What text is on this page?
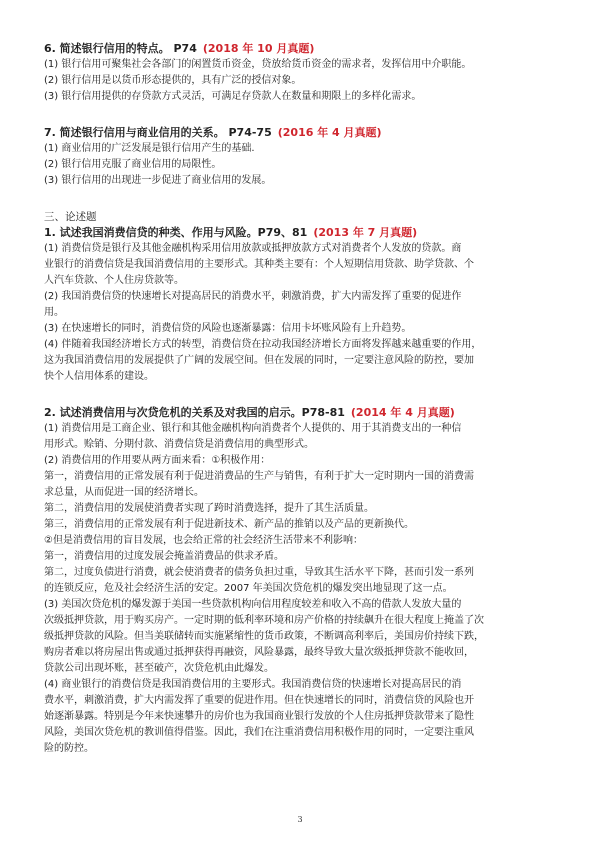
6. 简述银行信用的特点。 P74 (2018 年 10 月真题)

(1) 银行信用可聚集社会各部门的闲置货币资金，贷放给货币资金的需求者，发挥信用中介职能。

(2) 银行信用是以货币形态提供的，具有广泛的授信对象。

(3) 银行信用提供的存贷款方式灵活，可满足存贷款人在数量和期限上的多样化需求。

7. 简述银行信用与商业信用的关系。 P74-75 (2016 年 4 月真题)

(1) 商业信用的广泛发展是银行信用产生的基础.

(2) 银行信用克服了商业信用的局限性。

(3) 银行信用的出现进一步促进了商业信用的发展。

三、论述题

1. 试述我国消费信贷的种类、作用与风险。P79、81 (2013 年 7 月真题)

(1) 消费信贷是银行及其他金融机构采用信用放款或抵押放款方式对消费者个人发放的贷款。商

业银行的消费信贷是我国消费信用的主要形式。其种类主要有：个人短期信用贷款、助学贷款、个

人汽车贷款、个人住房贷款等。

(2) 我国消费信贷的快速增长对提高居民的消费水平，刺激消费，扩大内需发挥了重要的促进作

用。

(3) 在快速增长的同时，消费信贷的风险也逐渐暴露：信用卡坏账风险有上升趋势。

(4) 伴随着我国经济增长方式的转型，消费信贷在拉动我国经济增长方面将发挥越来越重要的作用，

这为我国消费信用的发展提供了广阔的发展空间。但在发展的同时，一定要注意风险的防控，要加

快个人信用体系的建设。

2. 试述消费信用与次贷危机的关系及对我国的启示。P78-81 (2014 年 4 月真题)

(1) 消费信用是工商企业、银行和其他金融机构向消费者个人提供的、用于其消费支出的一种信

用形式。赊销、分期付款、消费信贷是消费信用的典型形式。

(2) 消费信用的作用要从两方面来看：①积极作用：

第一，消费信用的正常发展有利于促进消费品的生产与销售，有利于扩大一定时期内一国的消费需

求总量，从而促进一国的经济增长。

第二，消费信用的发展使消费者实现了跨时消费选择，提升了其生活质量。

第三，消费信用的正常发展有利于促进新技术、新产品的推销以及产品的更新换代。

②但是消费信用的盲目发展，也会给正常的社会经济生活带来不利影响：

第一，消费信用的过度发展会掩盖消费品的供求矛盾。

第二，过度负债进行消费，就会使消费者的债务负担过重，导致其生活水平下降，甚而引发一系列

的连锁反应，危及社会经济生活的安定。2007 年美国次贷危机的爆发突出地显现了这一点。

(3) 美国次贷危机的爆发源于美国一些贷款机构向信用程度较差和收入不高的借款人发放大量的

次级抵押贷款，用于购买房产。一定时期的低利率环境和房产价格的持续飙升在很大程度上掩盖了次

级抵押贷款的风险。但当美联储转而实施紧缩性的货币政策，不断调高利率后，美国房价持续下跌，

购房者难以将房屋出售或通过抵押获得再融资，风险暴露，最终导致大量次级抵押贷款不能收回，

贷款公司出现坏账，甚至破产，次贷危机由此爆发。

(4) 商业银行的消费信贷是我国消费信用的主要形式。我国消费信贷的快速增长对提高居民的消

费水平，刺激消费，扩大内需发挥了重要的促进作用。但在快速增长的同时，消费信贷的风险也开

始逐渐暴露。特别是今年来快速攀升的房价也为我国商业银行发放的个人住房抵押贷款带来了隐性

风险，美国次贷危机的教训值得借鉴。因此，我们在注重消费信用积极作用的同时，一定要注重风

险的防控。

3
